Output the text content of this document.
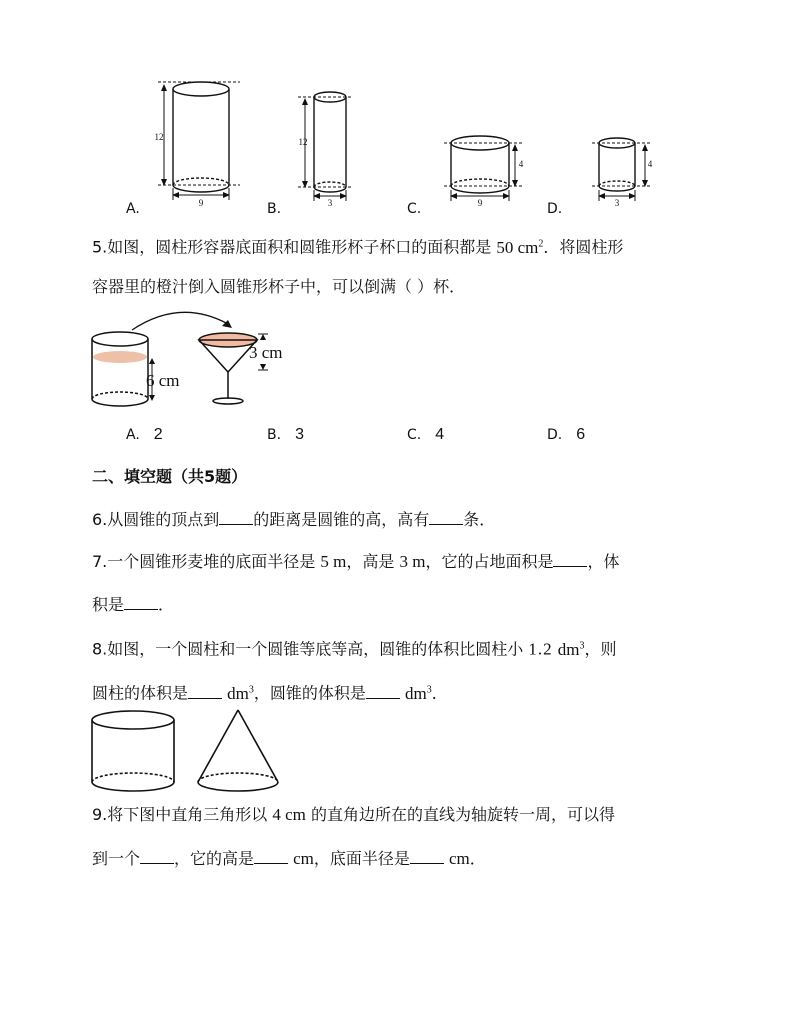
12
9
12
3
4
9
4
3
A.	B.	C.	D.
5.如图，圆柱形容器底面积和圆锥形杯子杯口的面积都是 50 $cm^2$．将圆柱形
容器里的橙汁倒入圆锥形杯子中，可以倒满（ ）杯．
6 cm
3 cm
A. 2	B. 3	C. 4	D. 6
二、填空题（共5题）
6.从圆锥的顶点到 的距离是圆锥的高，高有 条．
7.一个圆锥形麦堆的底面半径是 5 m，高是 3 m，它的占地面积是 ，体
积是 ．
8.如图，一个圆柱和一个圆锥等底等高，圆锥的体积比圆柱小 1.2 $dm^3$，则
圆柱的体积是 $dm^3$，圆锥的体积是 $dm^3$．
9.将下图中直角三角形以 4 cm 的直角边所在的直线为轴旋转一周，可以得
到一个 ，它的高是 cm，底面半径是 cm．
